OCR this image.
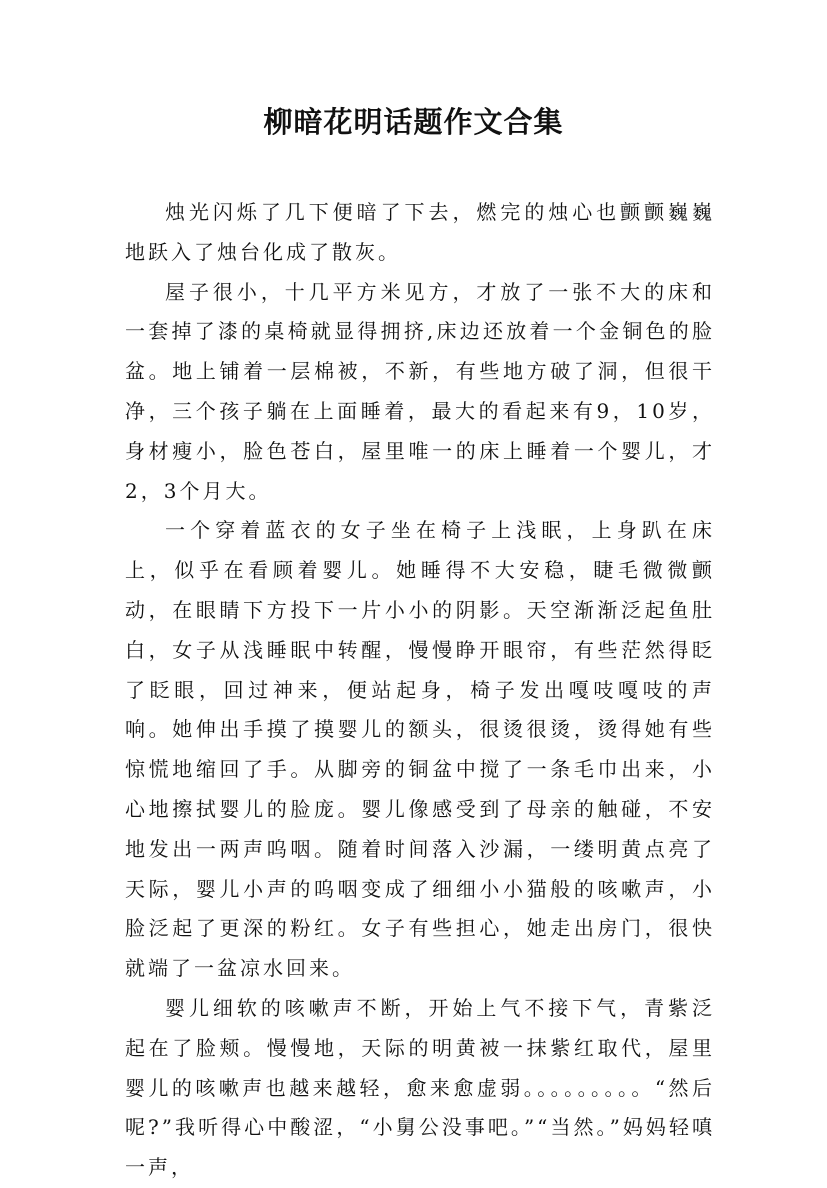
柳暗花明话题作文合集

烛光闪烁了几下便暗了下去，燃完的烛心也颤颤巍巍地跃入了烛台化成了散灰。

屋子很小，十几平方米见方，才放了一张不大的床和一套掉了漆的桌椅就显得拥挤,床边还放着一个金铜色的脸盆。地上铺着一层棉被，不新，有些地方破了洞，但很干净，三个孩子躺在上面睡着，最大的看起来有9，10岁，身材瘦小，脸色苍白，屋里唯一的床上睡着一个婴儿，才2，3个月大。

一个穿着蓝衣的女子坐在椅子上浅眠，上身趴在床上，似乎在看顾着婴儿。她睡得不大安稳，睫毛微微颤动，在眼睛下方投下一片小小的阴影。天空渐渐泛起鱼肚白，女子从浅睡眠中转醒，慢慢睁开眼帘，有些茫然得眨了眨眼，回过神来，便站起身，椅子发出嘎吱嘎吱的声响。她伸出手摸了摸婴儿的额头，很烫很烫，烫得她有些惊慌地缩回了手。从脚旁的铜盆中搅了一条毛巾出来，小心地擦拭婴儿的脸庞。婴儿像感受到了母亲的触碰，不安地发出一两声呜咽。随着时间落入沙漏，一缕明黄点亮了天际，婴儿小声的呜咽变成了细细小小猫般的咳嗽声，小脸泛起了更深的粉红。女子有些担心，她走出房门，很快就端了一盆凉水回来。

婴儿细软的咳嗽声不断，开始上气不接下气，青紫泛起在了脸颊。慢慢地，天际的明黄被一抹紫红取代，屋里婴儿的咳嗽声也越来越轻，愈来愈虚弱。。。。。。。。。“然后呢?”我听得心中酸涩，“小舅公没事吧。”“当然。”妈妈轻嗔一声，
